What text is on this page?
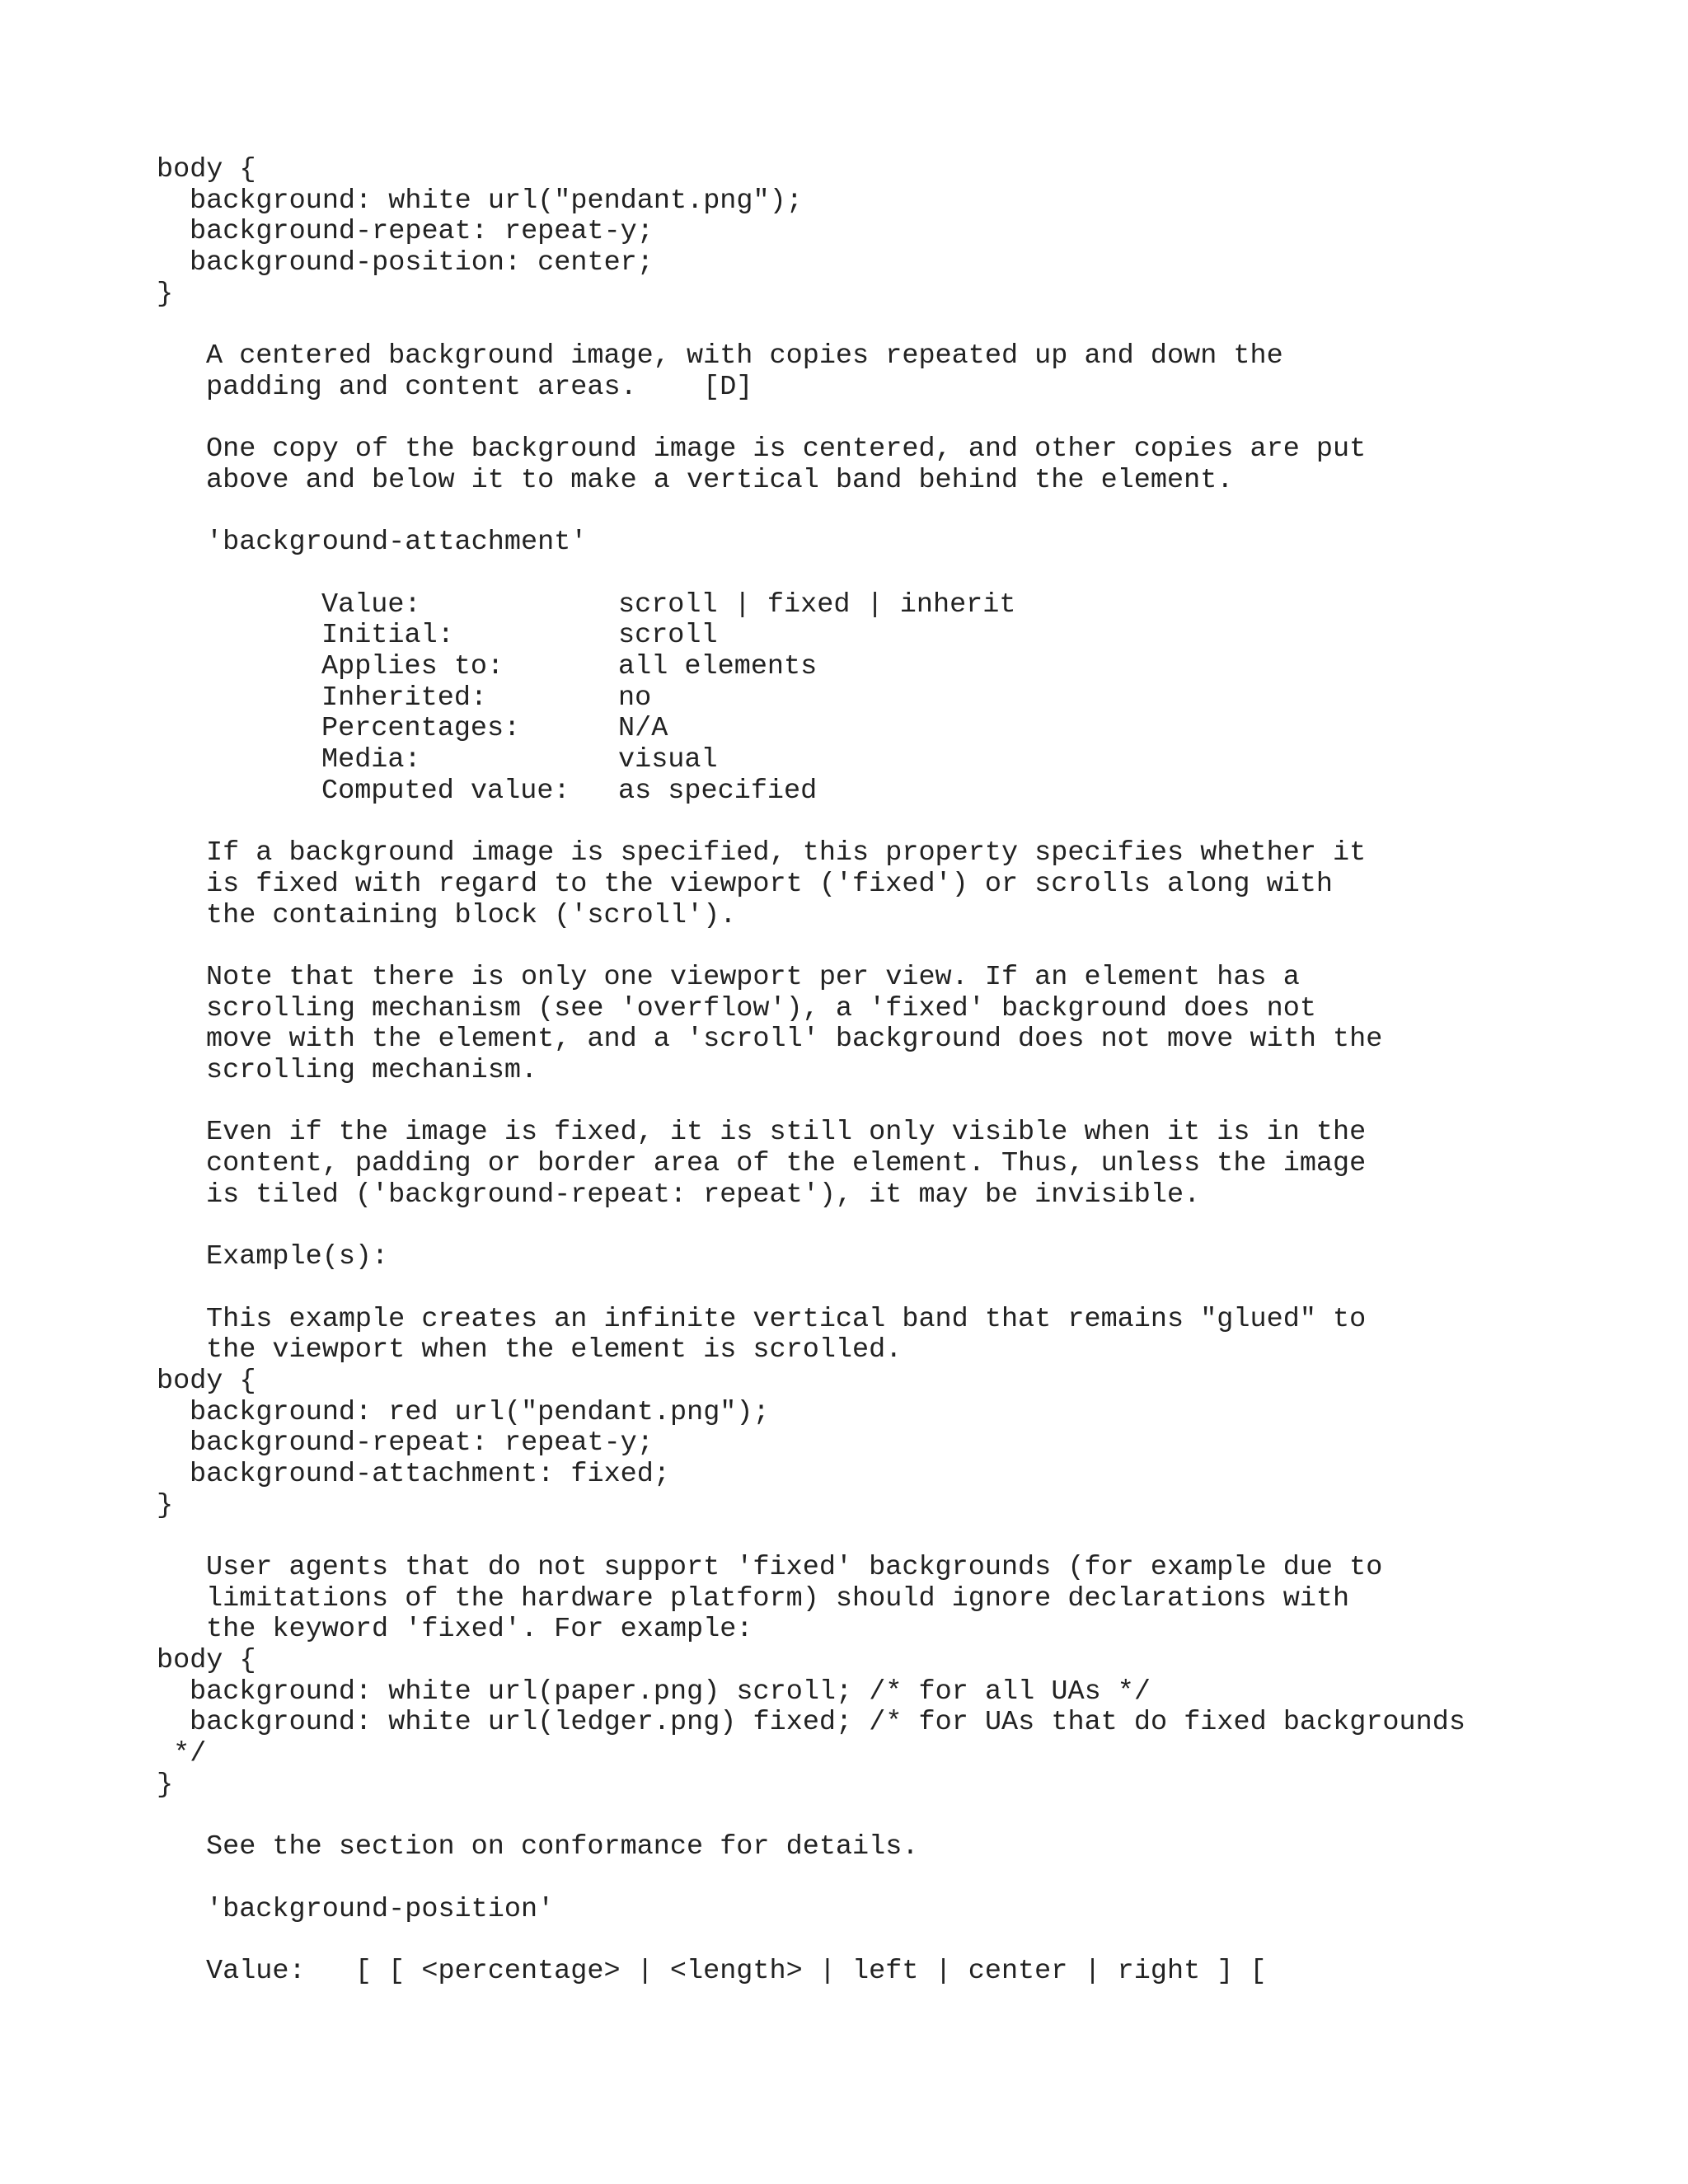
body {
background: white url("pendant.png");
background-repeat: repeat-y;
background-position: center;
}
A centered background image, with copies repeated up and down the
padding and content areas.    [D]
One copy of the background image is centered, and other copies are put
above and below it to make a vertical band behind the element.
'background-attachment'
Value:	scroll | fixed | inherit
Initial:	scroll
Applies to:	all elements
Inherited:	no
Percentages:	N/A
Media:	visual
Computed value:	as specified
If a background image is specified, this property specifies whether it
is fixed with regard to the viewport ('fixed') or scrolls along with
the containing block ('scroll').
Note that there is only one viewport per view. If an element has a
scrolling mechanism (see 'overflow'), a 'fixed' background does not
move with the element, and a 'scroll' background does not move with the
scrolling mechanism.
Even if the image is fixed, it is still only visible when it is in the
content, padding or border area of the element. Thus, unless the image
is tiled ('background-repeat: repeat'), it may be invisible.
Example(s):
This example creates an infinite vertical band that remains "glued" to
the viewport when the element is scrolled.
body {
background: red url("pendant.png");
background-repeat: repeat-y;
background-attachment: fixed;
}
User agents that do not support 'fixed' backgrounds (for example due to
limitations of the hardware platform) should ignore declarations with
the keyword 'fixed'. For example:
body {
background: white url(paper.png) scroll; /* for all UAs */
background: white url(ledger.png) fixed; /* for UAs that do fixed backgrounds
*/
}
See the section on conformance for details.
'background-position'
Value:   [ [ <percentage> | <length> | left | center | right ] [
